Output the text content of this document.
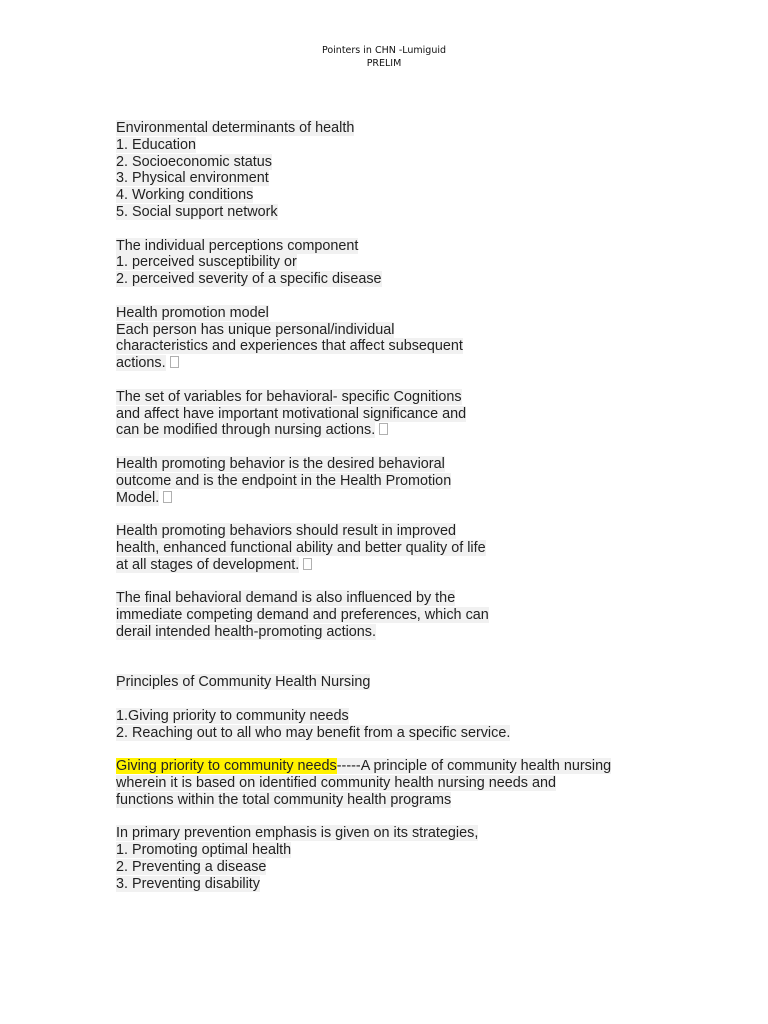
Pointers in CHN -Lumiguid
PRELIM
Environmental determinants of health
1. Education
2. Socioeconomic status
3. Physical environment
4. Working conditions
5. Social support network
The individual perceptions component
1. perceived susceptibility or
2. perceived severity of a specific disease
Health promotion model
Each person has unique personal/individual
characteristics and experiences that affect subsequent
actions.
The set of variables for behavioral- specific Cognitions
and affect have important motivational significance and
can be modified through nursing actions.
Health promoting behavior is the desired behavioral
outcome and is the endpoint in the Health Promotion
Model.
Health promoting behaviors should result in improved
health, enhanced functional ability and better quality of life
at all stages of development.
The final behavioral demand is also influenced by the
immediate competing demand and preferences, which can
derail intended health-promoting actions.
Principles of Community Health Nursing
1.Giving priority to community needs
2. Reaching out to all who may benefit from a specific service.
Giving priority to community needs-----A principle of community health nursing
wherein it is based on identified community health nursing needs and
functions within the total community health programs
In primary prevention emphasis is given on its strategies,
1. Promoting optimal health
2. Preventing a disease
3. Preventing disability
